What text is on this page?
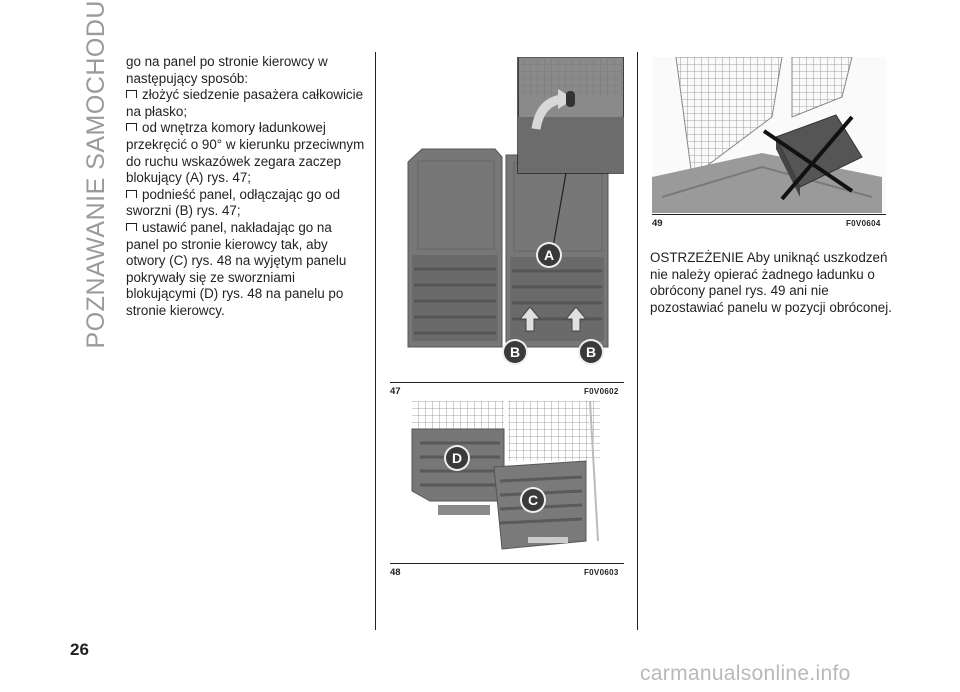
POZNAWANIE SAMOCHODU go na panel po stronie kierowcy w następujący sposób:

złożyć siedzenie pasażera całkowicie na płasko;

od wnętrza komory ładunkowej przekręcić o 90° w kierunku przeciwnym do ruchu wskazówek zegara zaczep blokujący (A) rys. 47;

podnieść panel, odłączając go od sworzni (B) rys. 47;

ustawić panel, nakładając go na panel po stronie kierowcy tak, aby otwory (C) rys. 48 na wyjętym panelu pokrywały się ze sworzniami blokującymi (D) rys. 48 na panelu po stronie kierowcy.

A
B	B
47	F0V0602
D
C
48	F0V0603
49	F0V0604

OSTRZEŻENIE Aby uniknąć uszkodzeń nie należy opierać żadnego ładunku o obrócony panel rys. 49 ani nie pozostawiać panelu w pozycji obróconej.

26
carmanualsonline.info
